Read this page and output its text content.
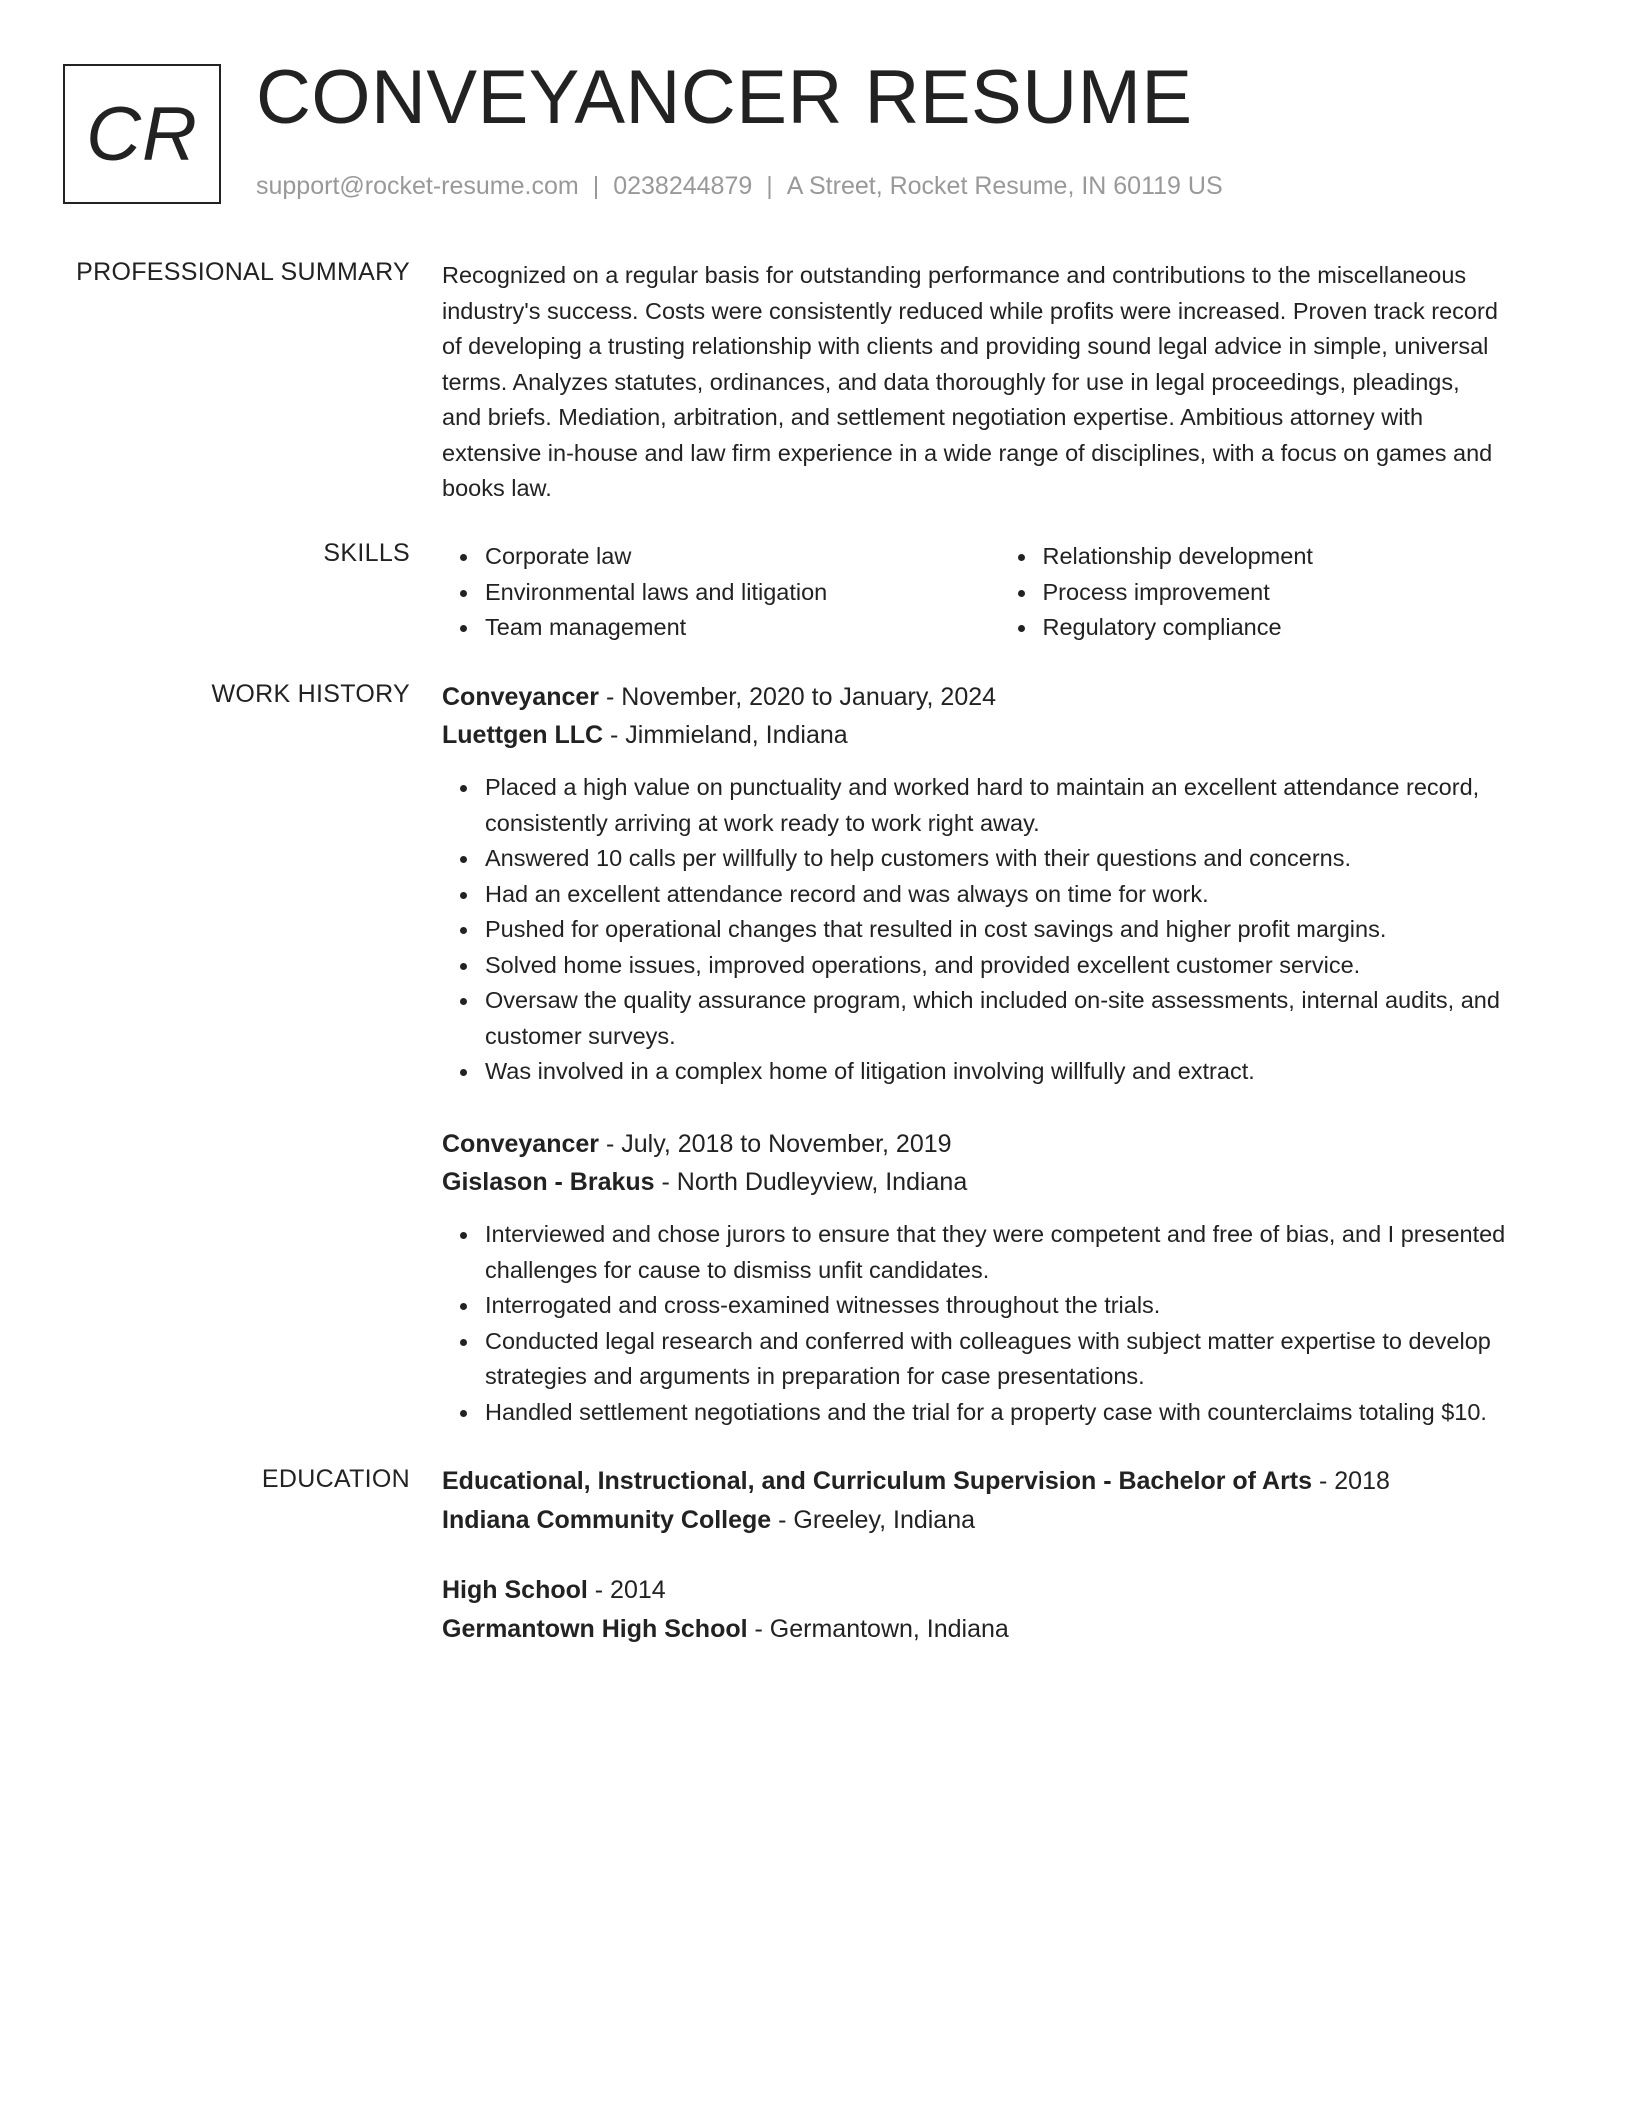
CR CONVEYANCER RESUME
support@rocket-resume.com | 0238244879 | A Street, Rocket Resume, IN 60119 US
PROFESSIONAL SUMMARY Recognized on a regular basis for outstanding performance and contributions to the miscellaneous
industry's success. Costs were consistently reduced while profits were increased. Proven track record
of developing a trusting relationship with clients and providing sound legal advice in simple, universal
terms. Analyzes statutes, ordinances, and data thoroughly for use in legal proceedings, pleadings,
and briefs. Mediation, arbitration, and settlement negotiation expertise. Ambitious attorney with
extensive in-house and law firm experience in a wide range of disciplines, with a focus on games and
books law.
SKILLS	Corporate law
Environmental laws and litigation
Team management
Relationship development
Process improvement
Regulatory compliance
WORK HISTORY Conveyancer - November, 2020 to January, 2024
Luettgen LLC - Jimmieland, Indiana
Placed a high value on punctuality and worked hard to maintain an excellent attendance record,
consistently arriving at work ready to work right away.
Answered 10 calls per willfully to help customers with their questions and concerns.
Had an excellent attendance record and was always on time for work.
Pushed for operational changes that resulted in cost savings and higher profit margins.
Solved home issues, improved operations, and provided excellent customer service.
Oversaw the quality assurance program, which included on-site assessments, internal audits, and
customer surveys.
Was involved in a complex home of litigation involving willfully and extract.
Conveyancer - July, 2018 to November, 2019
Gislason - Brakus - North Dudleyview, Indiana
Interviewed and chose jurors to ensure that they were competent and free of bias, and I presented
challenges for cause to dismiss unfit candidates.
Interrogated and cross-examined witnesses throughout the trials.
Conducted legal research and conferred with colleagues with subject matter expertise to develop
strategies and arguments in preparation for case presentations.
Handled settlement negotiations and the trial for a property case with counterclaims totaling $10.
EDUCATION Educational, Instructional, and Curriculum Supervision - Bachelor of Arts - 2018
Indiana Community College - Greeley, Indiana
High School - 2014
Germantown High School - Germantown, Indiana
